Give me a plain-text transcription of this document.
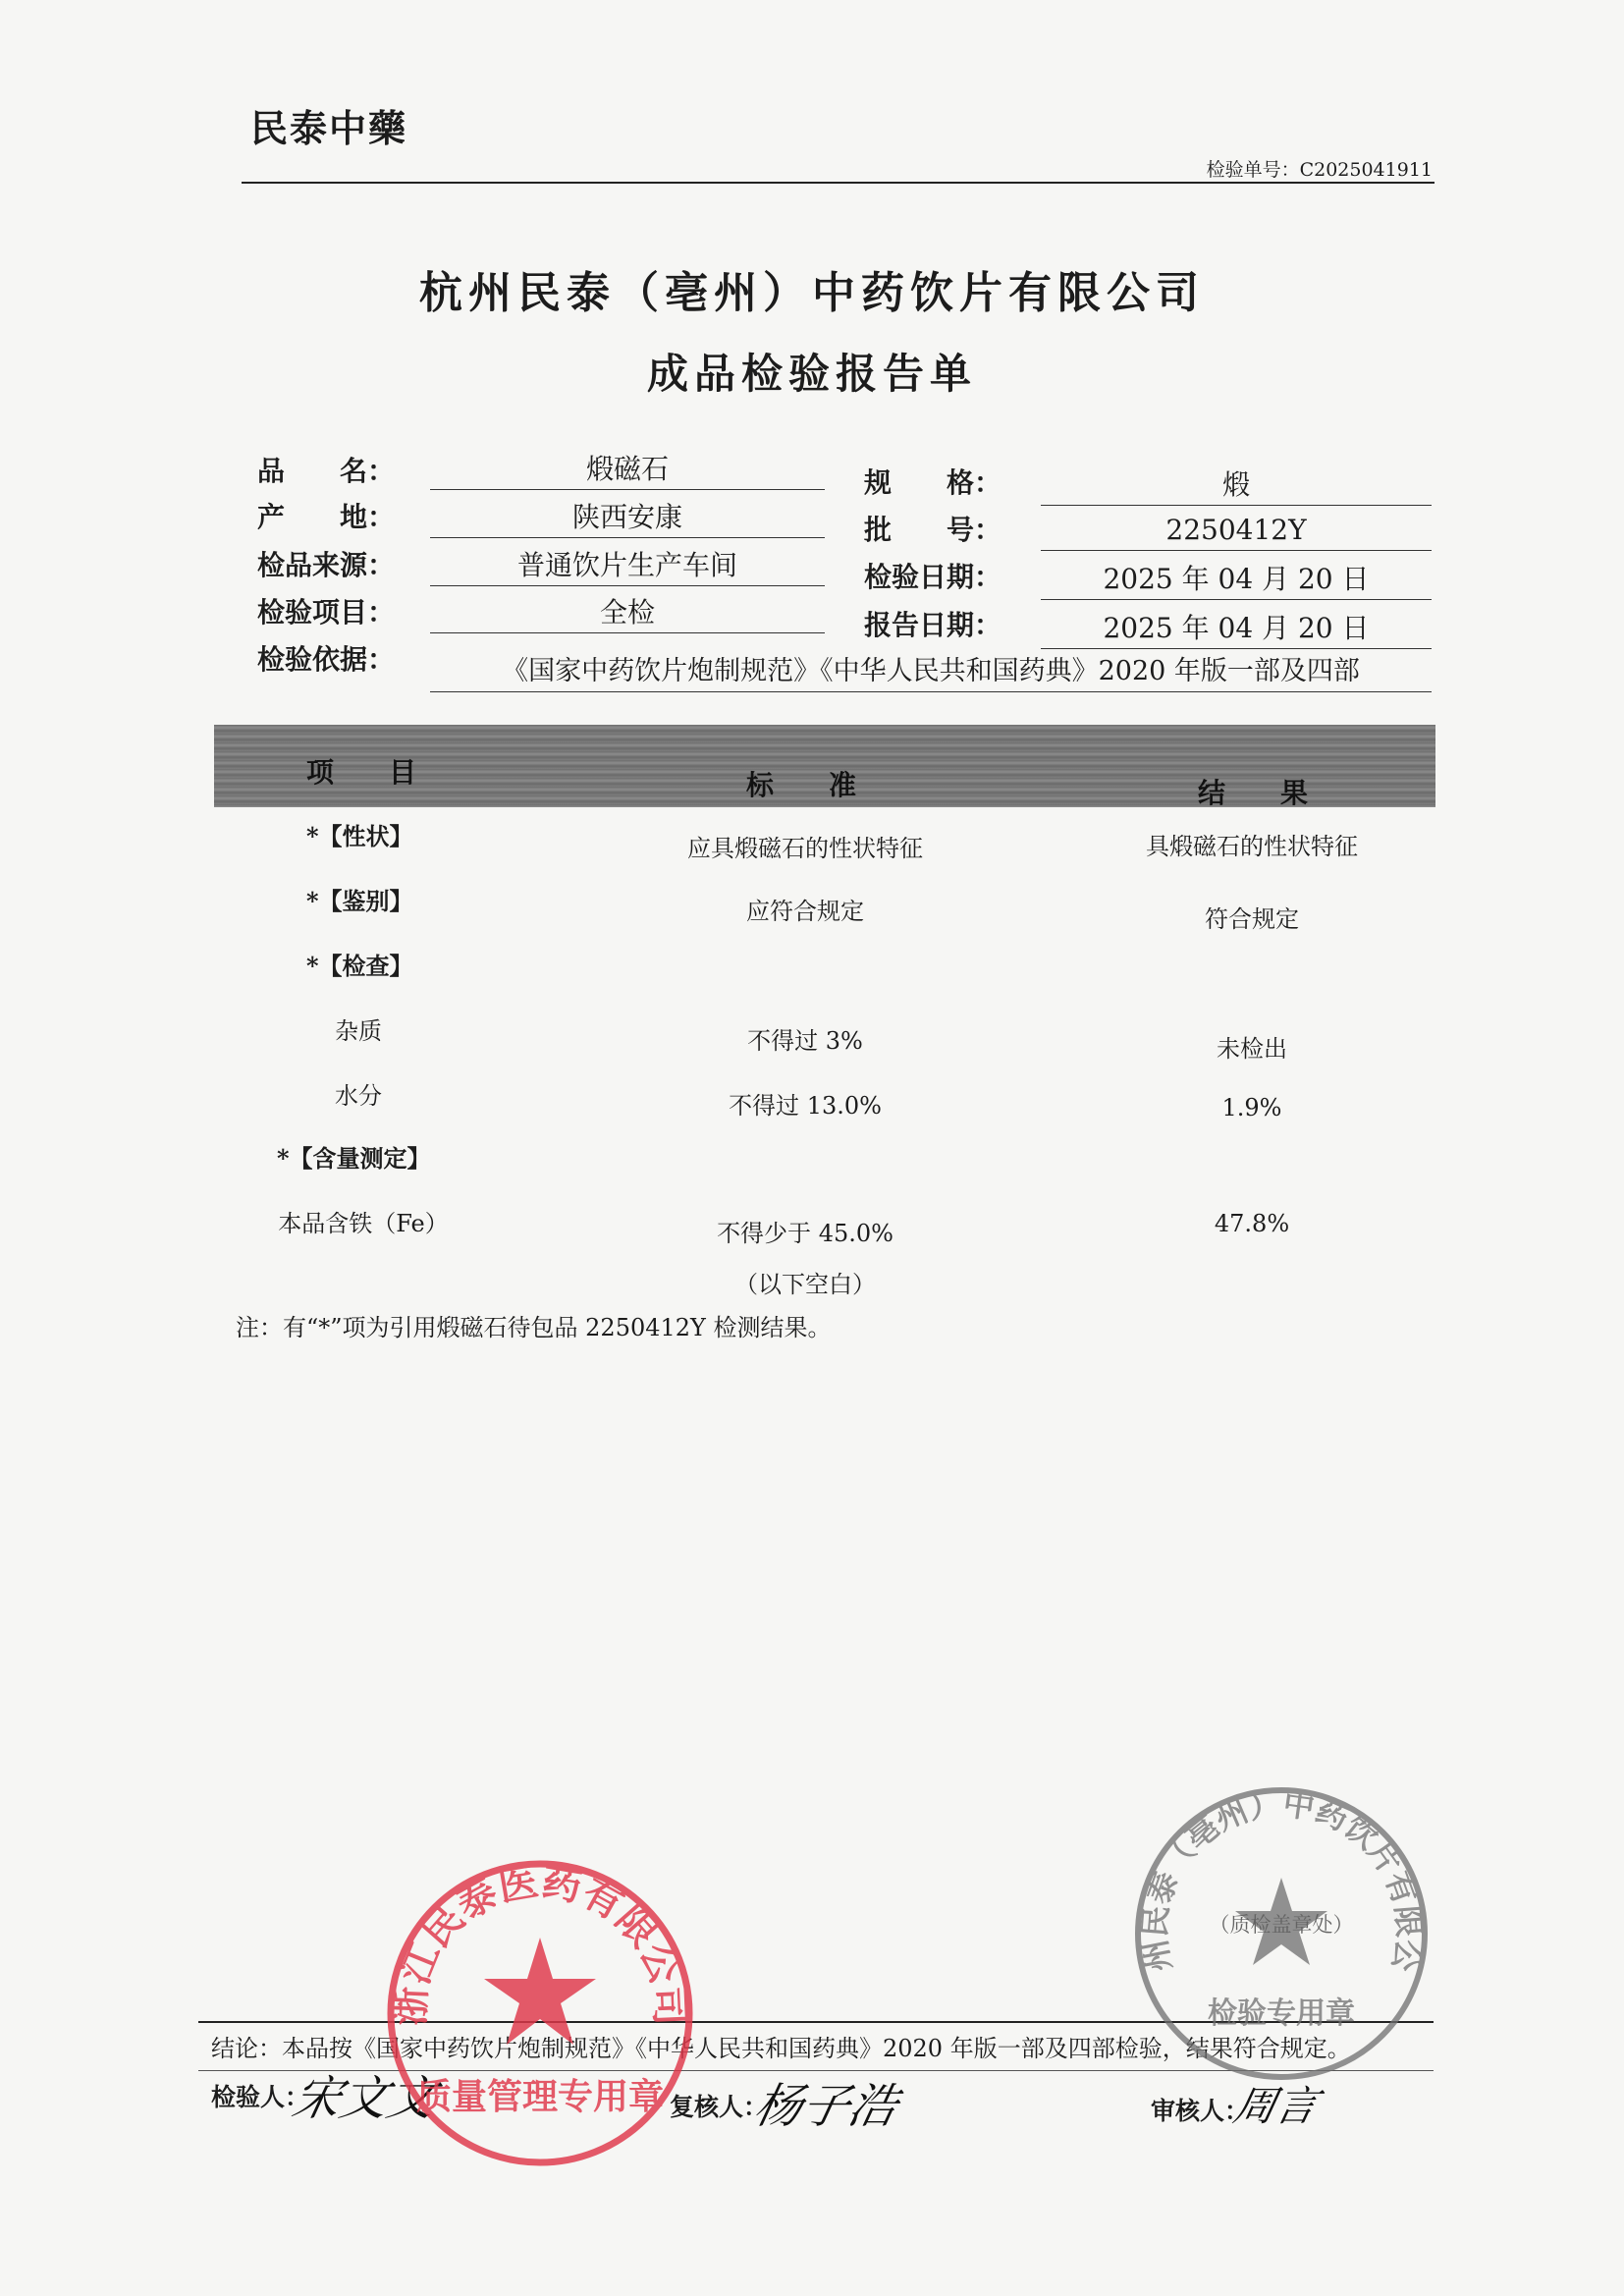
民泰中藥
检验单号：C2025041911
杭州民泰（亳州）中药饮片有限公司
成品检验报告单
品　　名：	煅磁石
产　　地：	陕西安康
检品来源：	普通饮片生产车间
检验项目：	全检
检验依据：	《国家中药饮片炮制规范》《中华人民共和国药典》2020 年版一部及四部
规　　格：	煅
批　　号：	2250412Y
检验日期：	2025 年 04 月 20 日
报告日期：	2025 年 04 月 20 日
项　　目	标　　准	结　　果
*【性状】	应具煅磁石的性状特征	具煅磁石的性状特征
*【鉴别】	应符合规定	符合规定
*【检查】
杂质	不得过 3%	未检出
水分	不得过 13.0%	1.9%
*【含量测定】
本品含铁（Fe）	不得少于 45.0%	47.8%
（以下空白）
注：有“*”项为引用煅磁石待包品 2250412Y 检测结果。
结论：本品按《国家中药饮片炮制规范》《中华人民共和国药典》2020 年版一部及四部检验，结果符合规定。
检验人：
宋文文	复核人：
杨子浩	审核人：
周言
浙江民泰医药有限公司
质量管理专用章
州民泰（亳州）中药饮片有限公
（质检盖章处）
检验专用章
